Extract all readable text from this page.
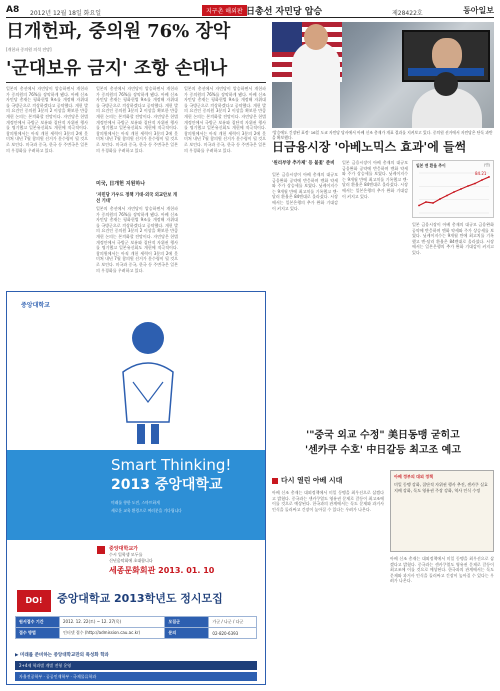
A8 2012년 12월 18일 화요일	지구촌 해외판 日총선 자민당 압승	제28422호	동아일보
日개헌파, 중의원 76% 장악
[개헌파 중의원 의석 전망]
'군대보유 금지' 조항 손대나
일본의 총선에서 자민당이 압승하면서 개헌파가 중의원의 76%를 장악하게 됐다. 아베 신조 자민당 총재는 평화헌법 9조를 개정해 자위대를 국방군으로 격상하겠다고 공약했다. 개헌 발의 요건인 중의원 3분의 2 이상을 확보한 만큼 개헌 논의는 본격화할 전망이다. 자민당은 헌법 개정안에서 국방군 보유와 집단적 자위권 행사를 명기했고 일본유신회도 개헌에 적극적이다. 참의원에서는 아직 개헌 세력이 3분의 2에 못 미쳐 내년 7월 참의원 선거가 분수령이 될 것으로 보인다. 미국과 중국, 한국 등 주변국은 일본의 우경화를 우려하고 있다.
미국, 日개헌 지원하나
'자민당 가우드 정책 기대·외국 외교안보 개선 기대'
일본의 총선에서 자민당이 압승하면서 개헌파가 중의원의 76%를 장악하게 됐다. 아베 신조 자민당 총재는 평화헌법 9조를 개정해 자위대를 국방군으로 격상하겠다고 공약했다. 개헌 발의 요건인 중의원 3분의 2 이상을 확보한 만큼 개헌 논의는 본격화할 전망이다. 자민당은 헌법 개정안에서 국방군 보유와 집단적 자위권 행사를 명기했고 일본유신회도 개헌에 적극적이다. 참의원에서는 아직 개헌 세력이 3분의 2에 못 미쳐 내년 7월 참의원 선거가 분수령이 될 것으로 보인다. 미국과 중국, 한국 등 주변국은 일본의 우경화를 우려하고 있다.
일본의 총선에서 자민당이 압승하면서 개헌파가 중의원의 76%를 장악하게 됐다. 아베 신조 자민당 총재는 평화헌법 9조를 개정해 자위대를 국방군으로 격상하겠다고 공약했다. 개헌 발의 요건인 중의원 3분의 2 이상을 확보한 만큼 개헌 논의는 본격화할 전망이다. 자민당은 헌법 개정안에서 국방군 보유와 집단적 자위권 행사를 명기했고 일본유신회도 개헌에 적극적이다. 참의원에서는 아직 개헌 세력이 3분의 2에 못 미쳐 내년 7월 참의원 선거가 분수령이 될 것으로 보인다. 미국과 중국, 한국 등 주변국은 일본의 우경화를 우려하고 있다.
일본의 총선에서 자민당이 압승하면서 개헌파가 중의원의 76%를 장악하게 됐다. 아베 신조 자민당 총재는 평화헌법 9조를 개정해 자위대를 국방군으로 격상하겠다고 공약했다. 개헌 발의 요건인 중의원 3분의 2 이상을 확보한 만큼 개헌 논의는 본격화할 전망이다. 자민당은 헌법 개정안에서 국방군 보유와 집단적 자위권 행사를 명기했고 일본유신회도 개헌에 적극적이다. 참의원에서는 아직 개헌 세력이 3분의 2에 못 미쳐 내년 7월 참의원 선거가 분수령이 될 것으로 보인다. 미국과 중국, 한국 등 주변국은 일본의 우경화를 우려하고 있다.
'압승에도 긴장된 표정' 16일 도쿄 자민당 당사에서 아베 신조 총재가 개표 결과를 지켜보고 있다. 중의원 선거에서 자민당은 단독 과반을 확보했다.
日금융시장 '아베노믹스 효과'에 들썩
'원리부양 추가제' 등 불꽃' 준비
일본 금융시장이 아베 총재의 대규모 금융완화 공약에 반응하며 엔화 약세와 주가 상승세를 보였다. 닛케이지수는 9개월 만에 최고치를 기록했고 엔-달러 환율은 84엔대로 올라섰다. 시장에서는 일본은행의 추가 완화 기대감이 커지고 있다.
일본 금융시장이 아베 총재의 대규모 금융완화 공약에 반응하며 엔화 약세와 주가 상승세를 보였다. 닛케이지수는 9개월 만에 최고치를 기록했고 엔-달러 환율은 84엔대로 올라섰다. 시장에서는 일본은행의 추가 완화 기대감이 커지고 있다.
일본 엔 환율 추이	(엔)
84.21
일본 금융시장이 아베 총재의 대규모 금융완화 공약에 반응하며 엔화 약세와 주가 상승세를 보였다. 닛케이지수는 9개월 만에 최고치를 기록했고 엔-달러 환율은 84엔대로 올라섰다. 시장에서는 일본은행의 추가 완화 기대감이 커지고 있다.
중앙대학교
Smart Thinking!
2013 중앙대학교
미래를 향한 도전, 스마트하게
새로운 교육 환경으로 여러분을 기다립니다
중앙대학교가
수시 입학생 모두를
신년음악회에 초대합니다
세종문화회관 2013. 01. 10
DO!	중앙대학교 2013학년도 정시모집
원서접수 기간	2012. 12. 22(토) ~ 12. 27(목)	모집군	가군 / 나군 / 다군
접수 방법	인터넷 접수 (http://admission.cau.ac.kr)	문의	02-820-6393
▶ 미래를 준비하는 중앙대학교만의 특성화 학과
2+4제 학과별 개별 전형 운영
자율전공학부 · 공공인재학부 · 국제물류학과
'"중국 외교 수정" 美日동맹 굳히고
'센카쿠 수호' 中日갈등 최고조 예고
다시 열린 아베 시대	아베 정부의 대외 정책
미일 동맹 강화, 집단적 자위권 행사 추진, 센카쿠 실효지배 강화, 독도 영유권 주장 강화, 역사 인식 수정
아베 신조 총재는 대외정책에서 미일 동맹을 최우선으로 삼겠다고 밝혔다. 중국과는 센카쿠열도 영유권 문제로 갈등이 최고조에 이를 것으로 예상된다. 한국과의 관계에서는 독도 문제와 과거사 인식을 둘러싸고 긴장이 높아질 수 있다는 우려가 나온다.
아베 신조 총재는 대외정책에서 미일 동맹을 최우선으로 삼겠다고 밝혔다. 중국과는 센카쿠열도 영유권 문제로 갈등이 최고조에 이를 것으로 예상된다. 한국과의 관계에서는 독도 문제와 과거사 인식을 둘러싸고 긴장이 높아질 수 있다는 우려가 나온다.
